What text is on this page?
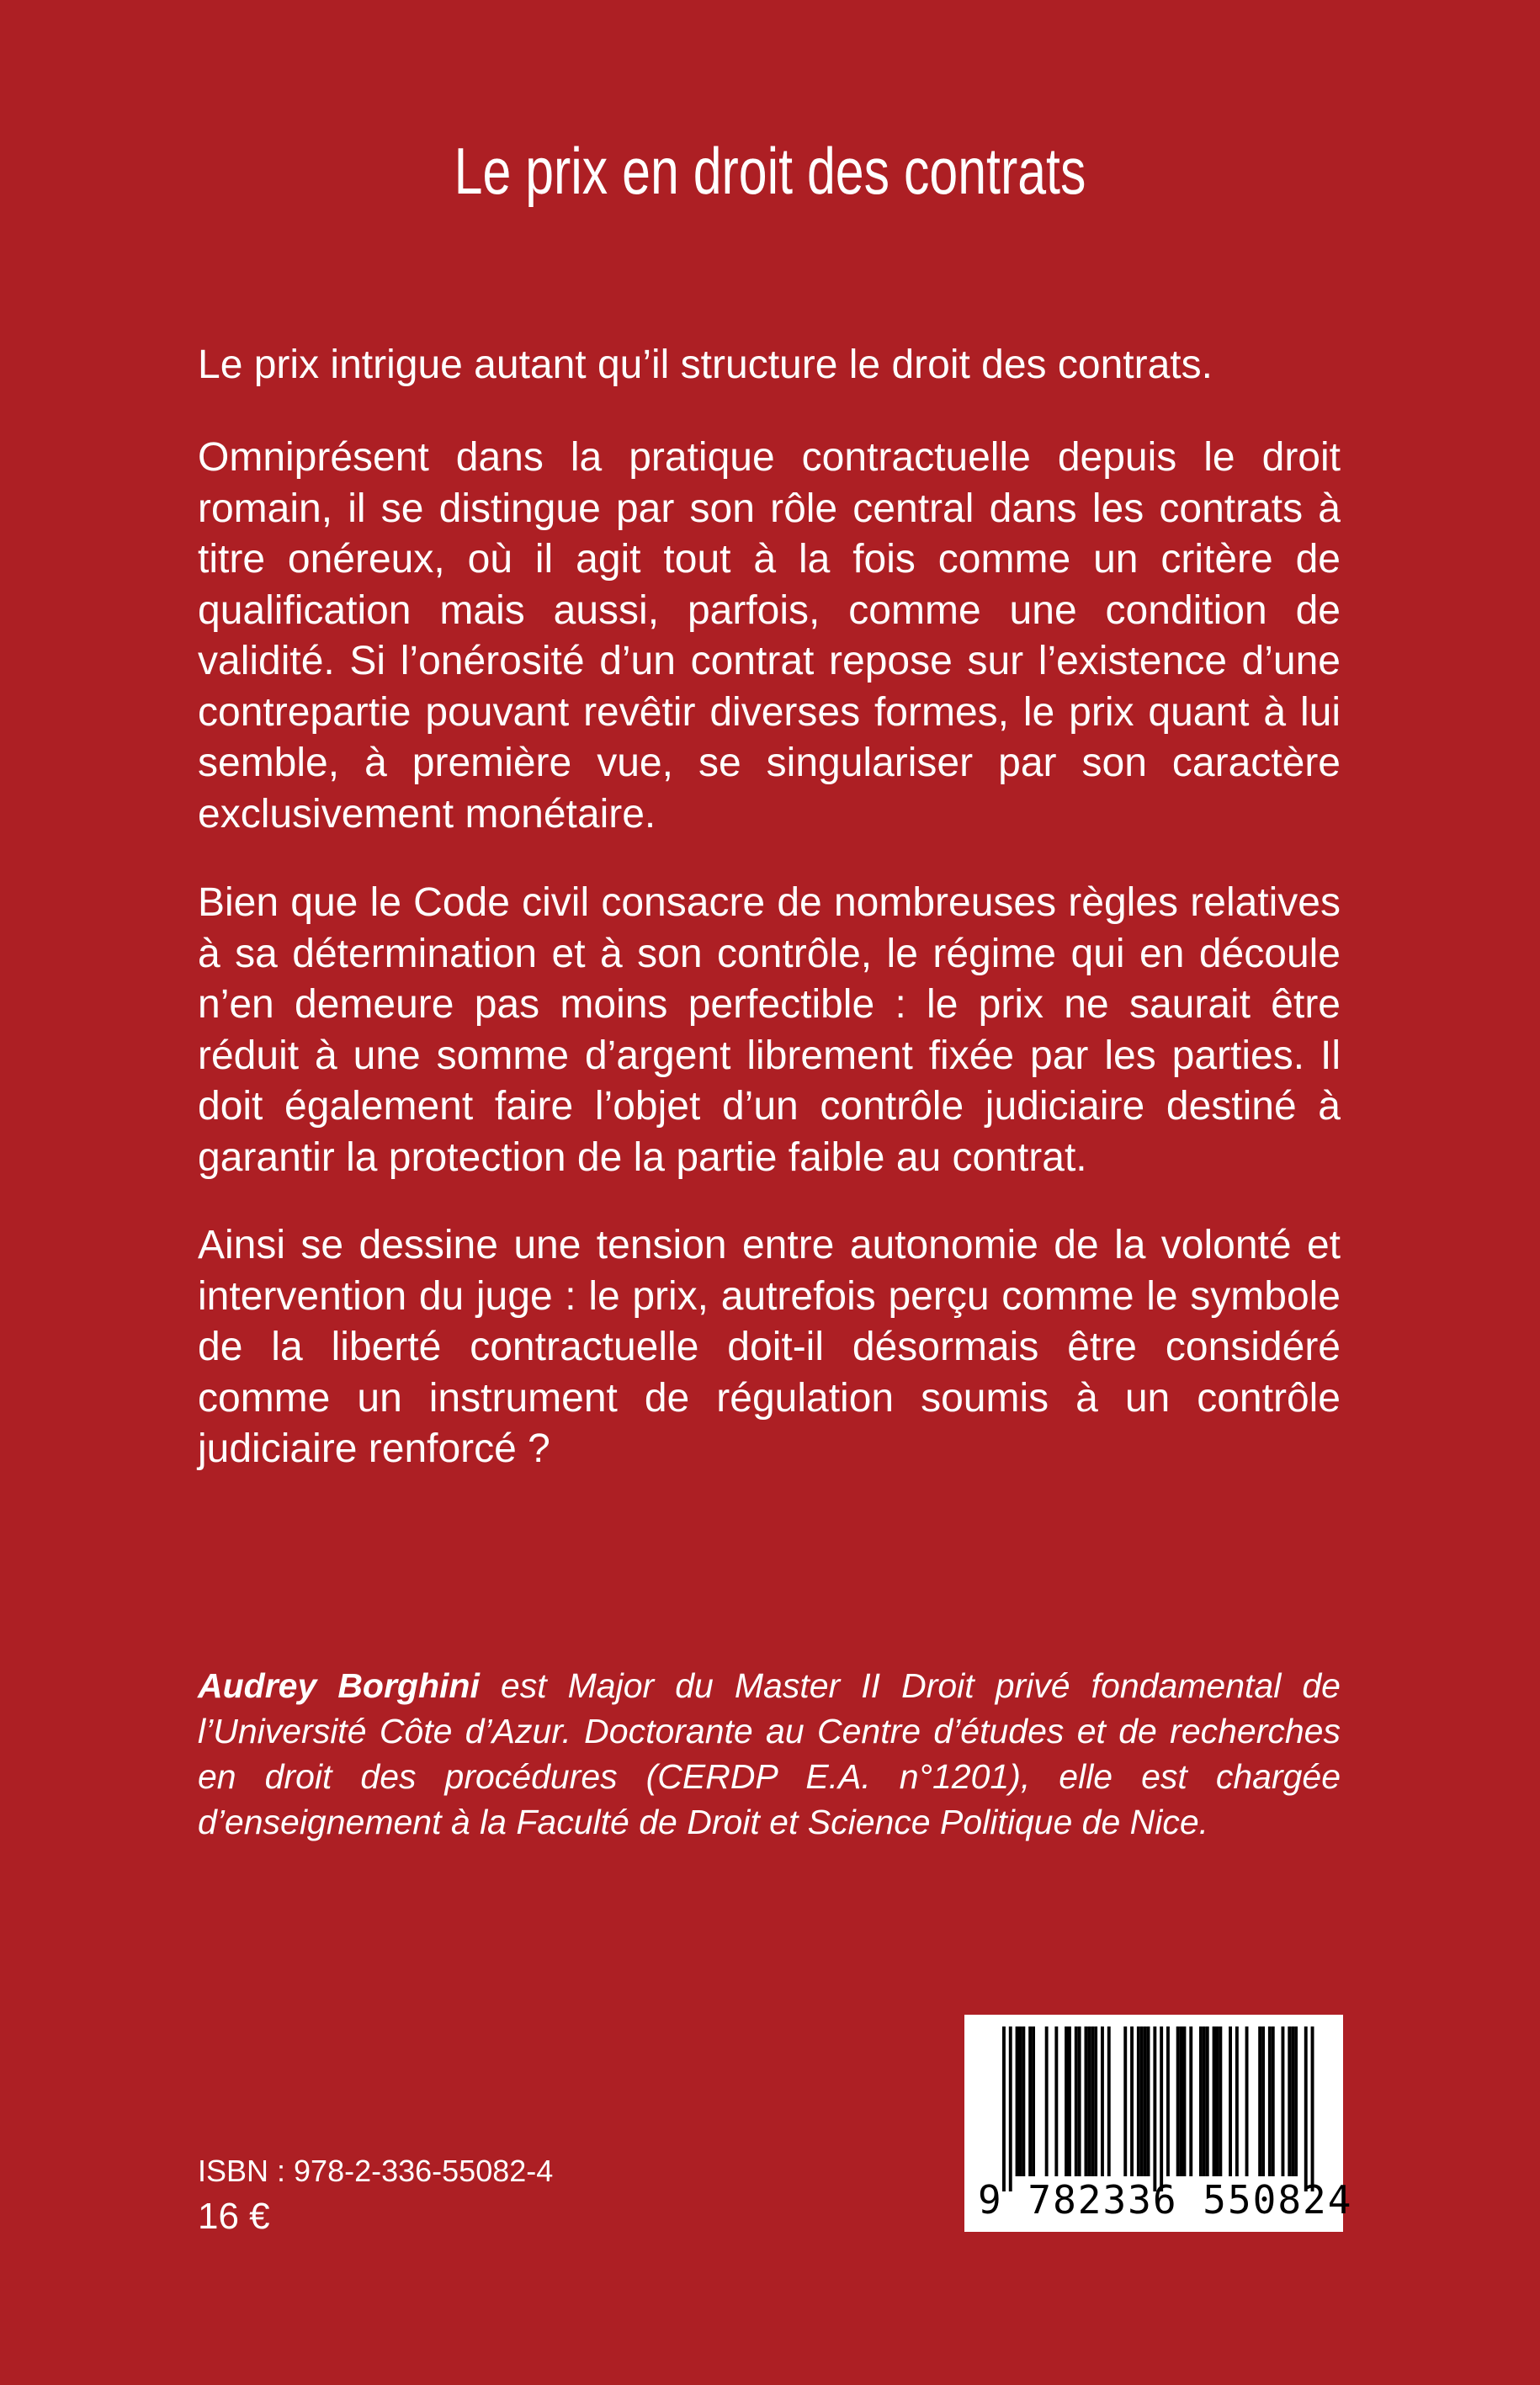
Le prix en droit des contrats

Le prix intrigue autant qu’il structure le droit des contrats.

Omniprésent dans la pratique contractuelle depuis le droit romain, il se distingue par son rôle central dans les contrats à titre onéreux, où il agit tout à la fois comme un critère de qualification mais aussi, parfois, comme une condition de validité. Si l’onérosité d’un contrat repose sur l’existence d’une contrepartie pouvant revêtir diverses formes, le prix quant à lui semble, à première vue, se singulariser par son caractère exclusivement monétaire.

Bien que le Code civil consacre de nombreuses règles relatives à sa détermination et à son contrôle, le régime qui en découle n’en demeure pas moins perfectible : le prix ne saurait être réduit à une somme d’argent librement fixée par les parties. Il doit également faire l’objet d’un contrôle judiciaire destiné à garantir la protection de la partie faible au contrat.

Ainsi se dessine une tension entre autonomie de la volonté et intervention du juge : le prix, autrefois perçu comme le symbole de la liberté contractuelle doit-il désormais être considéré comme un instrument de régulation soumis à un contrôle judiciaire renforcé ?

Audrey Borghini est Major du Master II Droit privé fondamental de l’Université Côte d’Azur. Doctorante au Centre d’études et de recherches en droit des procédures (CERDP E.A. n°1201), elle est chargée d’enseignement à la Faculté de Droit et Science Politique de Nice.

ISBN : 978-2-336-55082-4
16 €	9 782336 550824
